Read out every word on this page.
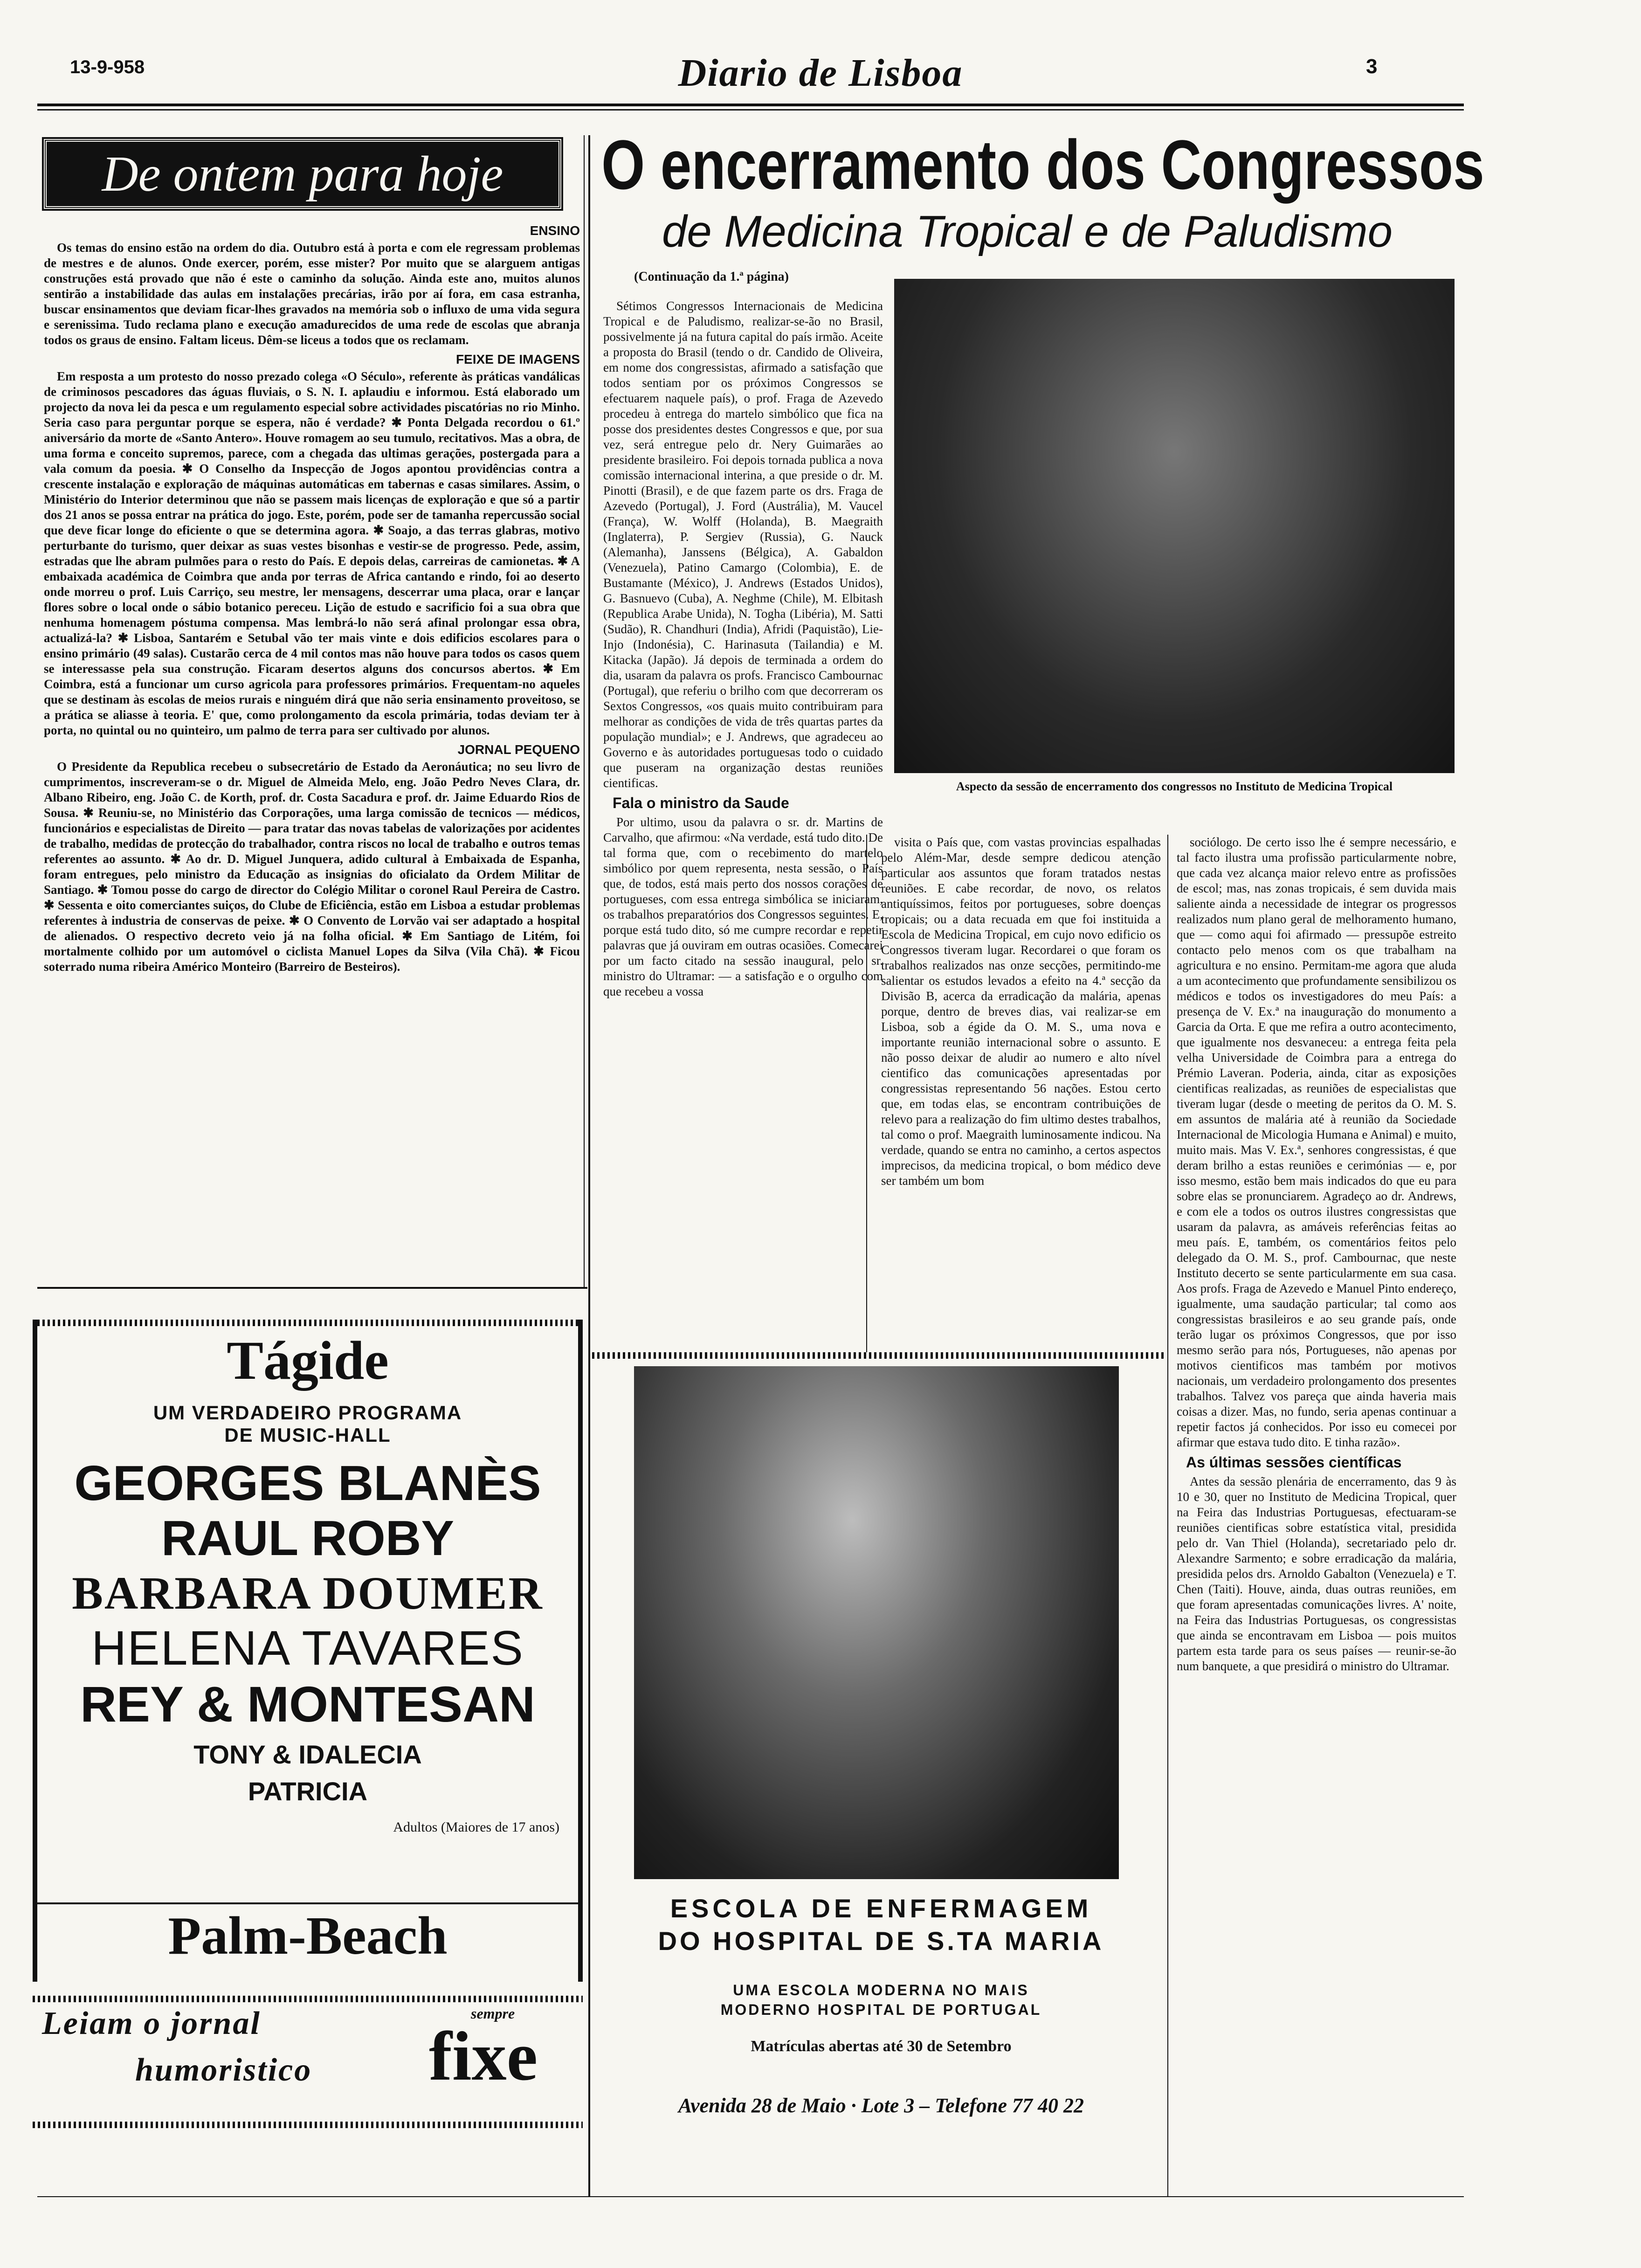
13-9-958	Diario de Lisboa	3
De ontem para hoje
ENSINO

Os temas do ensino estão na ordem do dia. Outubro está à porta e com ele regressam problemas de mestres e de alunos. Onde exercer, porém, esse mister? Por muito que se alarguem antigas construções está provado que não é este o caminho da solução. Ainda este ano, muitos alunos sentirão a instabilidade das aulas em instalações precárias, irão por aí fora, em casa estranha, buscar ensinamentos que deviam ficar-lhes gravados na memória sob o influxo de uma vida segura e serenissima. Tudo reclama plano e execução amadurecidos de uma rede de escolas que abranja todos os graus de ensino. Faltam liceus. Dêm-se liceus a todos que os reclamam.

FEIXE DE IMAGENS

Em resposta a um protesto do nosso prezado colega «O Século», referente às práticas vandálicas de criminosos pescadores das águas fluviais, o S. N. I. aplaudiu e informou. Está elaborado um projecto da nova lei da pesca e um regulamento especial sobre actividades piscatórias no rio Minho. Seria caso para perguntar porque se espera, não é verdade? ✱ Ponta Delgada recordou o 61.º aniversário da morte de «Santo Antero». Houve romagem ao seu tumulo, recitativos. Mas a obra, de uma forma e conceito supremos, parece, com a chegada das ultimas gerações, postergada para a vala comum da poesia. ✱ O Conselho da Inspecção de Jogos apontou providências contra a crescente instalação e exploração de máquinas automáticas em tabernas e casas similares. Assim, o Ministério do Interior determinou que não se passem mais licenças de exploração e que só a partir dos 21 anos se possa entrar na prática do jogo. Este, porém, pode ser de tamanha repercussão social que deve ficar longe do eficiente o que se determina agora. ✱ Soajo, a das terras glabras, motivo perturbante do turismo, quer deixar as suas vestes bisonhas e vestir-se de progresso. Pede, assim, estradas que lhe abram pulmões para o resto do País. E depois delas, carreiras de camionetas. ✱ A embaixada académica de Coimbra que anda por terras de Africa cantando e rindo, foi ao deserto onde morreu o prof. Luis Carriço, seu mestre, ler mensagens, descerrar uma placa, orar e lançar flores sobre o local onde o sábio botanico pereceu. Lição de estudo e sacrificio foi a sua obra que nenhuma homenagem póstuma compensa. Mas lembrá-lo não será afinal prolongar essa obra, actualizá-la? ✱ Lisboa, Santarém e Setubal vão ter mais vinte e dois edificios escolares para o ensino primário (49 salas). Custarão cerca de 4 mil contos mas não houve para todos os casos quem se interessasse pela sua construção. Ficaram desertos alguns dos concursos abertos. ✱ Em Coimbra, está a funcionar um curso agricola para professores primários. Frequentam-no aqueles que se destinam às escolas de meios rurais e ninguém dirá que não seria ensinamento proveitoso, se a prática se aliasse à teoria. E' que, como prolongamento da escola primária, todas deviam ter à porta, no quintal ou no quinteiro, um palmo de terra para ser cultivado por alunos.

JORNAL PEQUENO

O Presidente da Republica recebeu o subsecretário de Estado da Aeronáutica; no seu livro de cumprimentos, inscreveram-se o dr. Miguel de Almeida Melo, eng. João Pedro Neves Clara, dr. Albano Ribeiro, eng. João C. de Korth, prof. dr. Costa Sacadura e prof. dr. Jaime Eduardo Rios de Sousa. ✱ Reuniu-se, no Ministério das Corporações, uma larga comissão de tecnicos — médicos, funcionários e especialistas de Direito — para tratar das novas tabelas de valorizações por acidentes de trabalho, medidas de protecção do trabalhador, contra riscos no local de trabalho e outros temas referentes ao assunto. ✱ Ao dr. D. Miguel Junquera, adido cultural à Embaixada de Espanha, foram entregues, pelo ministro da Educação as insignias do oficialato da Ordem Militar de Santiago. ✱ Tomou posse do cargo de director do Colégio Militar o coronel Raul Pereira de Castro. ✱ Sessenta e oito comerciantes suiços, do Clube de Eficiência, estão em Lisboa a estudar problemas referentes à industria de conservas de peixe. ✱ O Convento de Lorvão vai ser adaptado a hospital de alienados. O respectivo decreto veio já na folha oficial. ✱ Em Santiago de Litém, foi mortalmente colhido por um automóvel o ciclista Manuel Lopes da Silva (Vila Chã). ✱ Ficou soterrado numa ribeira Américo Monteiro (Barreiro de Besteiros).

Tágide
UM VERDADEIRO PROGRAMA
DE MUSIC-HALL
GEORGES BLANÈS
RAUL ROBY
BARBARA DOUMER
HELENA TAVARES
REY & MONTESAN
TONY & IDALECIA
PATRICIA
Adultos (Maiores de 17 anos)
Palm-Beach
Leiam o jornal
humoristico
sempre
fixe
O encerramento dos Congressos
de Medicina Tropical e de Paludismo
(Continuação da 1.ª página)
Aspecto da sessão de encerramento dos congressos no Instituto de Medicina Tropical

Sétimos Congressos Internacionais de Medicina Tropical e de Paludismo, realizar-se-ão no Brasil, possivelmente já na futura capital do país irmão. Aceite a proposta do Brasil (tendo o dr. Candido de Oliveira, em nome dos congressistas, afirmado a satisfação que todos sentiam por os próximos Congressos se efectuarem naquele país), o prof. Fraga de Azevedo procedeu à entrega do martelo simbólico que fica na posse dos presidentes destes Congressos e que, por sua vez, será entregue pelo dr. Nery Guimarães ao presidente brasileiro. Foi depois tornada publica a nova comissão internacional interina, a que preside o dr. M. Pinotti (Brasil), e de que fazem parte os drs. Fraga de Azevedo (Portugal), J. Ford (Austrália), M. Vaucel (França), W. Wolff (Holanda), B. Maegraith (Inglaterra), P. Sergiev (Russia), G. Nauck (Alemanha), Janssens (Bélgica), A. Gabaldon (Venezuela), Patino Camargo (Colombia), E. de Bustamante (México), J. Andrews (Estados Unidos), G. Basnuevo (Cuba), A. Neghme (Chile), M. Elbitash (Republica Arabe Unida), N. Togha (Libéria), M. Satti (Sudão), R. Chandhuri (India), Afridi (Paquistão), Lie-Injo (Indonésia), C. Harinasuta (Tailandia) e M. Kitacka (Japão). Já depois de terminada a ordem do dia, usaram da palavra os profs. Francisco Cambournac (Portugal), que referiu o brilho com que decorreram os Sextos Congressos, «os quais muito contribuiram para melhorar as condições de vida de três quartas partes da população mundial»; e J. Andrews, que agradeceu ao Governo e às autoridades portuguesas todo o cuidado que puseram na organização destas reuniões cientificas.

Fala o ministro da Saude

Por ultimo, usou da palavra o sr. dr. Martins de Carvalho, que afirmou: «Na verdade, está tudo dito. De tal forma que, com o recebimento do martelo simbólico por quem representa, nesta sessão, o País que, de todos, está mais perto dos nossos corações de portugueses, com essa entrega simbólica se iniciaram, os trabalhos preparatórios dos Congressos seguintes. E, porque está tudo dito, só me cumpre recordar e repetir palavras que já ouviram em outras ocasiões. Comecarei por um facto citado na sessão inaugural, pelo sr. ministro do Ultramar: — a satisfação e o orgulho com que recebeu a vossa

visita o País que, com vastas provincias espalhadas pelo Além-Mar, desde sempre dedicou atenção particular aos assuntos que foram tratados nestas reuniões. E cabe recordar, de novo, os relatos antiquíssimos, feitos por portugueses, sobre doenças tropicais; ou a data recuada em que foi instituida a Escola de Medicina Tropical, em cujo novo edificio os Congressos tiveram lugar. Recordarei o que foram os trabalhos realizados nas onze secções, permitindo-me salientar os estudos levados a efeito na 4.ª secção da Divisão B, acerca da erradicação da malária, apenas porque, dentro de breves dias, vai realizar-se em Lisboa, sob a égide da O. M. S., uma nova e importante reunião internacional sobre o assunto. E não posso deixar de aludir ao numero e alto nível cientifico das comunicações apresentadas por congressistas representando 56 nações. Estou certo que, em todas elas, se encontram contribuições de relevo para a realização do fim ultimo destes trabalhos, tal como o prof. Maegraith luminosamente indicou. Na verdade, quando se entra no caminho, a certos aspectos imprecisos, da medicina tropical, o bom médico deve ser também um bom

sociólogo. De certo isso lhe é sempre necessário, e tal facto ilustra uma profissão particularmente nobre, que cada vez alcança maior relevo entre as profissões de escol; mas, nas zonas tropicais, é sem duvida mais saliente ainda a necessidade de integrar os progressos realizados num plano geral de melhoramento humano, que — como aqui foi afirmado — pressupõe estreito contacto pelo menos com os que trabalham na agricultura e no ensino. Permitam-me agora que aluda a um acontecimento que profundamente sensibilizou os médicos e todos os investigadores do meu País: a presença de V. Ex.ª na inauguração do monumento a Garcia da Orta. E que me refira a outro acontecimento, que igualmente nos desvaneceu: a entrega feita pela velha Universidade de Coimbra para a entrega do Prémio Laveran. Poderia, ainda, citar as exposições cientificas realizadas, as reuniões de especialistas que tiveram lugar (desde o meeting de peritos da O. M. S. em assuntos de malária até à reunião da Sociedade Internacional de Micologia Humana e Animal) e muito, muito mais. Mas V. Ex.ª, senhores congressistas, é que deram brilho a estas reuniões e cerimónias — e, por isso mesmo, estão bem mais indicados do que eu para sobre elas se pronunciarem. Agradeço ao dr. Andrews, e com ele a todos os outros ilustres congressistas que usaram da palavra, as amáveis referências feitas ao meu país. E, também, os comentários feitos pelo delegado da O. M. S., prof. Cambournac, que neste Instituto decerto se sente particularmente em sua casa. Aos profs. Fraga de Azevedo e Manuel Pinto endereço, igualmente, uma saudação particular; tal como aos congressistas brasileiros e ao seu grande país, onde terão lugar os próximos Congressos, que por isso mesmo serão para nós, Portugueses, não apenas por motivos cientificos mas também por motivos nacionais, um verdadeiro prolongamento dos presentes trabalhos. Talvez vos pareça que ainda haveria mais coisas a dizer. Mas, no fundo, seria apenas continuar a repetir factos já conhecidos. Por isso eu comecei por afirmar que estava tudo dito. E tinha razão».

As últimas sessões científicas

Antes da sessão plenária de encerramento, das 9 às 10 e 30, quer no Instituto de Medicina Tropical, quer na Feira das Industrias Portuguesas, efectuaram-se reuniões cientificas sobre estatística vital, presidida pelo dr. Van Thiel (Holanda), secretariado pelo dr. Alexandre Sarmento; e sobre erradicação da malária, presidida pelos drs. Arnoldo Gabalton (Venezuela) e T. Chen (Taiti). Houve, ainda, duas outras reuniões, em que foram apresentadas comunicações livres. A' noite, na Feira das Industrias Portuguesas, os congressistas que ainda se encontravam em Lisboa — pois muitos partem esta tarde para os seus países — reunir-se-ão num banquete, a que presidirá o ministro do Ultramar.

ESCOLA DE ENFERMAGEM
DO HOSPITAL DE S.TA MARIA
UMA ESCOLA MODERNA NO MAIS
MODERNO HOSPITAL DE PORTUGAL
Matrículas abertas até 30 de Setembro
Avenida 28 de Maio · Lote 3 – Telefone 77 40 22
